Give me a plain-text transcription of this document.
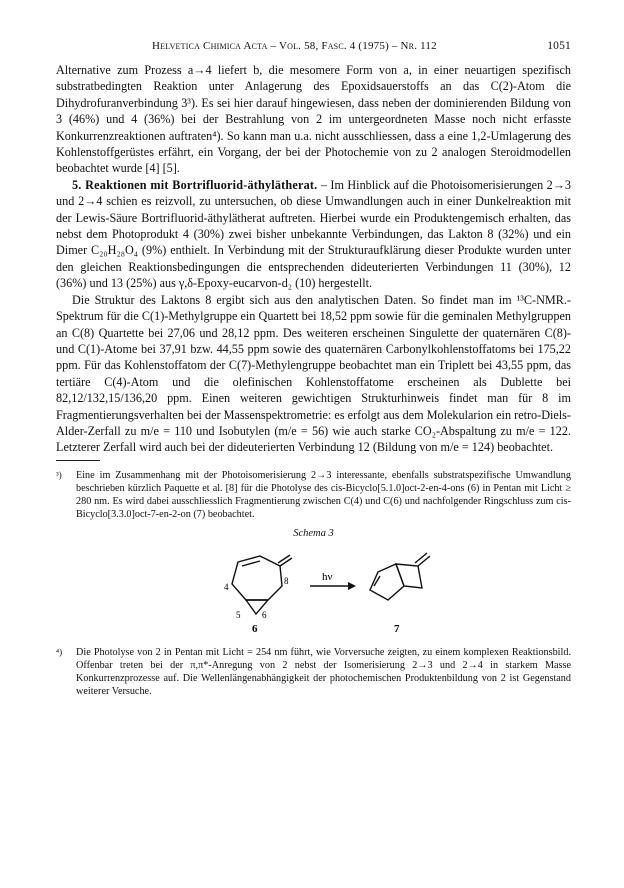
Helvetica Chimica Acta – Vol. 58, Fasc. 4 (1975) – Nr. 112	1051

Alternative zum Prozess a→4 liefert b, die mesomere Form von a, in einer neuartigen spezifisch substratbedingten Reaktion unter Anlagerung des Epoxidsauerstoffs an das C(2)-Atom die Dihydrofuranverbindung 3³). Es sei hier darauf hingewiesen, dass neben der dominierenden Bildung von 3 (46%) und 4 (36%) bei der Bestrahlung von 2 im untergeordneten Masse noch nicht erfasste Konkurrenzreaktionen auftraten⁴). So kann man u.a. nicht ausschliessen, dass a eine 1,2-Umlagerung des Kohlenstoffgerüstes erfährt, ein Vorgang, der bei der Photochemie von zu 2 analogen Steroidmodellen beobachtet wurde [4] [5].

5. Reaktionen mit Bortrifluorid-äthylätherat. – Im Hinblick auf die Photoisomerisierungen 2→3 und 2→4 schien es reizvoll, zu untersuchen, ob diese Umwandlungen auch in einer Dunkelreaktion mit der Lewis-Säure Bortrifluorid-äthylätherat auftreten. Hierbei wurde ein Produktengemisch erhalten, das nebst dem Photoprodukt 4 (30%) zwei bisher unbekannte Verbindungen, das Lakton 8 (32%) und ein Dimer C₂₀H₂₈O₄ (9%) enthielt. In Verbindung mit der Strukturaufklärung dieser Produkte wurden unter den gleichen Reaktionsbedingungen die entsprechenden dideuterierten Verbindungen 11 (30%), 12 (36%) und 13 (25%) aus γ,δ-Epoxy-eucarvon-d₂ (10) hergestellt.

Die Struktur des Laktons 8 ergibt sich aus den analytischen Daten. So findet man im ¹³C-NMR.-Spektrum für die C(1)-Methylgruppe ein Quartett bei 18,52 ppm sowie für die geminalen Methylgruppen an C(8) Quartette bei 27,06 und 28,12 ppm. Des weiteren erscheinen Singulette der quaternären C(8)- und C(1)-Atome bei 37,91 bzw. 44,55 ppm sowie des quaternären Carbonylkohlenstoffatoms bei 175,22 ppm. Für das Kohlenstoffatom der C(7)-Methylengruppe beobachtet man ein Triplett bei 43,55 ppm, das tertiäre C(4)-Atom und die olefinischen Kohlenstoffatome erscheinen als Dublette bei 82,12/132,15/136,20 ppm. Einen weiteren gewichtigen Strukturhinweis findet man für 8 im Fragmentierungsverhalten bei der Massenspektrometrie: es erfolgt aus dem Molekularion ein retro-Diels-Alder-Zerfall zu m/e = 110 und Isobutylen (m/e = 56) wie auch starke CO₂-Abspaltung zu m/e = 122. Letzterer Zerfall wird auch bei der dideuterierten Verbindung 12 (Bildung von m/e = 124) beobachtet.

³)	Eine im Zusammenhang mit der Photoisomerisierung 2→3 interessante, ebenfalls substratspezifische Umwandlung beschrieben kürzlich Paquette et al. [8] für die Photolyse des cis-Bicyclo[5.1.0]oct-2-en-4-ons (6) in Pentan mit Licht ≥ 280 nm. Es wird dabei ausschliesslich Fragmentierung zwischen C(4) und C(6) und nachfolgender Ringschluss zum cis-Bicyclo[3.3.0]oct-7-en-2-on (7) beobachtet.
Schema 3
4
5 6
8
6
hν
7
⁴)	Die Photolyse von 2 in Pentan mit Licht = 254 nm führt, wie Vorversuche zeigten, zu einem komplexen Reaktionsbild. Offenbar treten bei der π,π*-Anregung von 2 nebst der Isomerisierung 2→3 und 2→4 in starkem Masse Konkurrenzprozesse auf. Die Wellenlängenabhängigkeit der photochemischen Produktenbildung von 2 ist Gegenstand weiterer Versuche.
